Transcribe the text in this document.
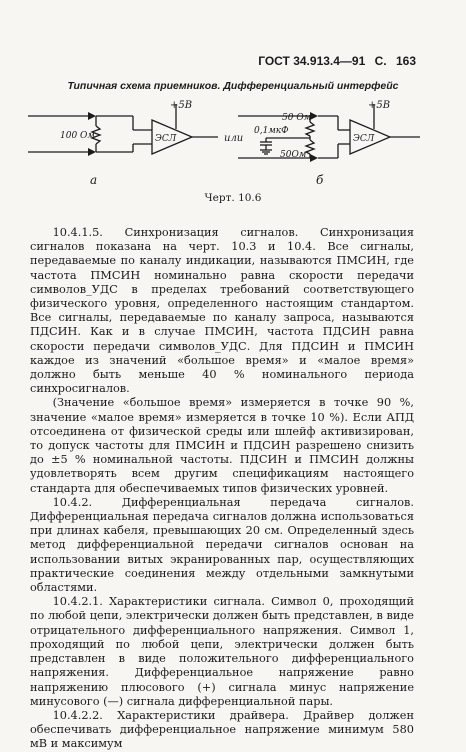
ГОСТ 34.913.4—91 С. 163
Типичная схема приемников. Дифференциальный интерфейс
+5В
100 Ом	ЭСЛ
а
или
+5В
50 Ом
0,1мкФ
50Ом
ЭСЛ
б
Черт. 10.6

10.4.1.5. Синхронизация сигналов. Синхронизация сигналов показана на черт. 10.3 и 10.4. Все сигналы, передаваемые по каналу индикации, называются ПМСИН, где частота ПМСИН номинально равна скорости передачи символов_УДС в пределах требований соответствующего физического уровня, определенного настоящим стандартом. Все сигналы, передаваемые по каналу запроса, называются ПДСИН. Как и в случае ПМСИН, частота ПДСИН равна скорости передачи символов_УДС. Для ПДСИН и ПМСИН каждое из значений «большое время» и «малое время» должно быть меньше 40 % номинального периода синхросигналов.

(Значение «большое время» измеряется в точке 90 %, значение «малое время» измеряется в точке 10 %). Если АПД отсоединена от физической среды или шлейф активизирован, то допуск частоты для ПМСИН и ПДСИН разрешено снизить до ±5 % номинальной частоты. ПДСИН и ПМСИН должны удовлетворять всем другим спецификациям настоящего стандарта для обеспечиваемых типов физических уровней.

10.4.2. Дифференциальная передача сигналов. Дифференциальная передача сигналов должна использоваться при длинах кабеля, превышающих 20 см. Определенный здесь метод дифференциальной передачи сигналов основан на использовании витых экранированных пар, осуществляющих практические соединения между отдельными замкнутыми областями.

10.4.2.1. Характеристики сигнала. Символ 0, проходящий по любой цепи, электрически должен быть представлен, в виде отрицательного дифференциального напряжения. Символ 1, проходящий по любой цепи, электрически должен быть представлен в виде положительного дифференциального напряжения. Дифференциальное напряжение равно напряжению плюсового (+) сигнала минус напряжение минусового (—) сигнала дифференциальной пары.

10.4.2.2. Характеристики драйвера. Драйвер должен обеспечивать дифференциальное напряжение минимум 580 мВ и максимум
